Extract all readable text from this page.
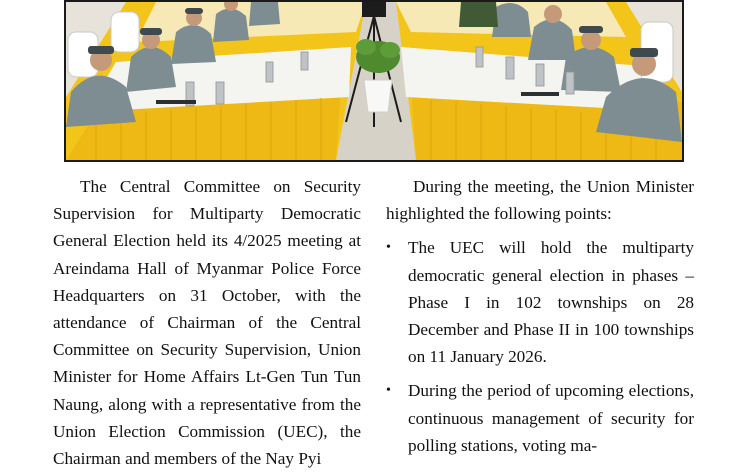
The Central Committee on Security Supervision for Multiparty Democratic General Election held its 4/2025 meeting at Areindama Hall of Myanmar Police Force Headquarters on 31 October, with the attendance of Chairman of the Central Committee on Security Supervision, Union Minister for Home Affairs Lt-Gen Tun Tun Naung, along with a representative from the Union Election Commission (UEC), the Chairman and members of the Nay Pyi

During the meeting, the Union Minister highlighted the following points:

• The UEC will hold the multiparty democratic general election in phases – Phase I in 102 townships on 28 December and Phase II in 100 townships on 11 January 2026.
• During the period of upcoming elections, continuous management of security for polling stations, voting ma-
